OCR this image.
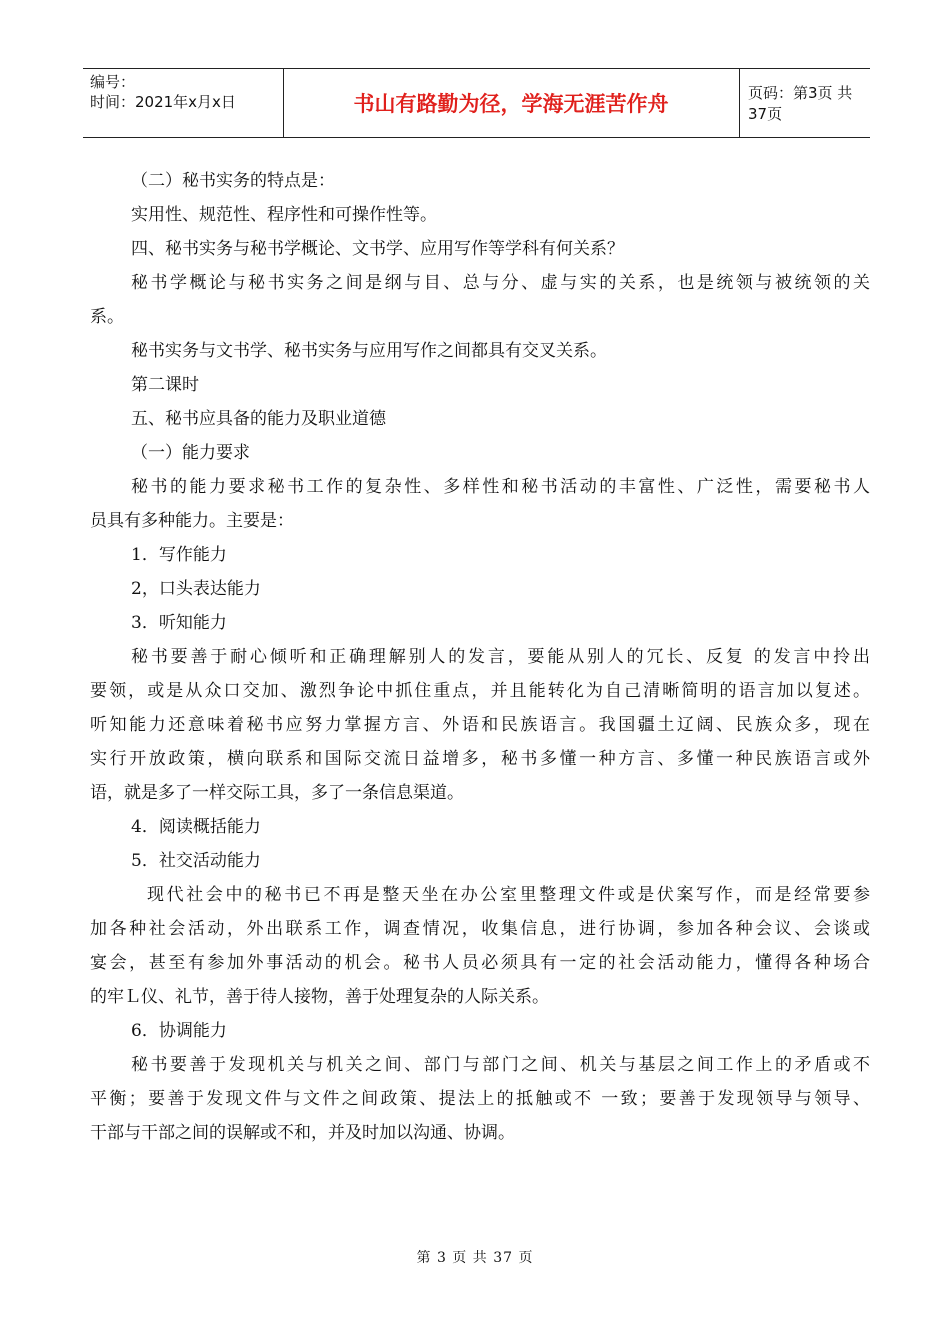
编号：
时间：2021年x月x日	书山有路勤为径，学海无涯苦作舟	页码：第3页 共37页

（二）秘书实务的特点是：

实用性、规范性、程序性和可操作性等。

四、秘书实务与秘书学概论、文书学、应用写作等学科有何关系？

秘书学概论与秘书实务之间是纲与目、总与分、虚与实的关系，也是统领与被统领的关

系。

秘书实务与文书学、秘书实务与应用写作之间都具有交叉关系。

第二课时

五、秘书应具备的能力及职业道德

（一）能力要求

秘书的能力要求秘书工作的复杂性、多样性和秘书活动的丰富性、广泛性，需要秘书人

员具有多种能力。主要是：

1．写作能力

2，口头表达能力

3．听知能力

秘书要善于耐心倾听和正确理解别人的发言，要能从别人的冗长、反复 的发言中拎出

要领，或是从众口交加、激烈争论中抓住重点，并且能转化为自己清晰简明的语言加以复述。

听知能力还意味着秘书应努力掌握方言、外语和民族语言。我国疆土辽阔、民族众多，现在

实行开放政策，横向联系和国际交流日益增多，秘书多懂一种方言、多懂一种民族语言或外

语，就是多了一样交际工具，多了一条信息渠道。

4．阅读概括能力

5．社交活动能力

现代社会中的秘书已不再是整天坐在办公室里整理文件或是伏案写作，而是经常要参

加各种社会活动，外出联系工作，调查情况，收集信息，进行协调，参加各种会议、会谈或

宴会，甚至有参加外事活动的机会。秘书人员必须具有一定的社会活动能力，懂得各种场合

的牢Ｌ仪、礼节，善于待人接物，善于处理复杂的人际关系。

6．协调能力

秘书要善于发现机关与机关之间、部门与部门之间、机关与基层之间工作上的矛盾或不

平衡；要善于发现文件与文件之间政策、提法上的抵触或不 一致；要善于发现领导与领导、

干部与干部之间的误解或不和，并及时加以沟通、协调。

第 3 页 共 37 页
